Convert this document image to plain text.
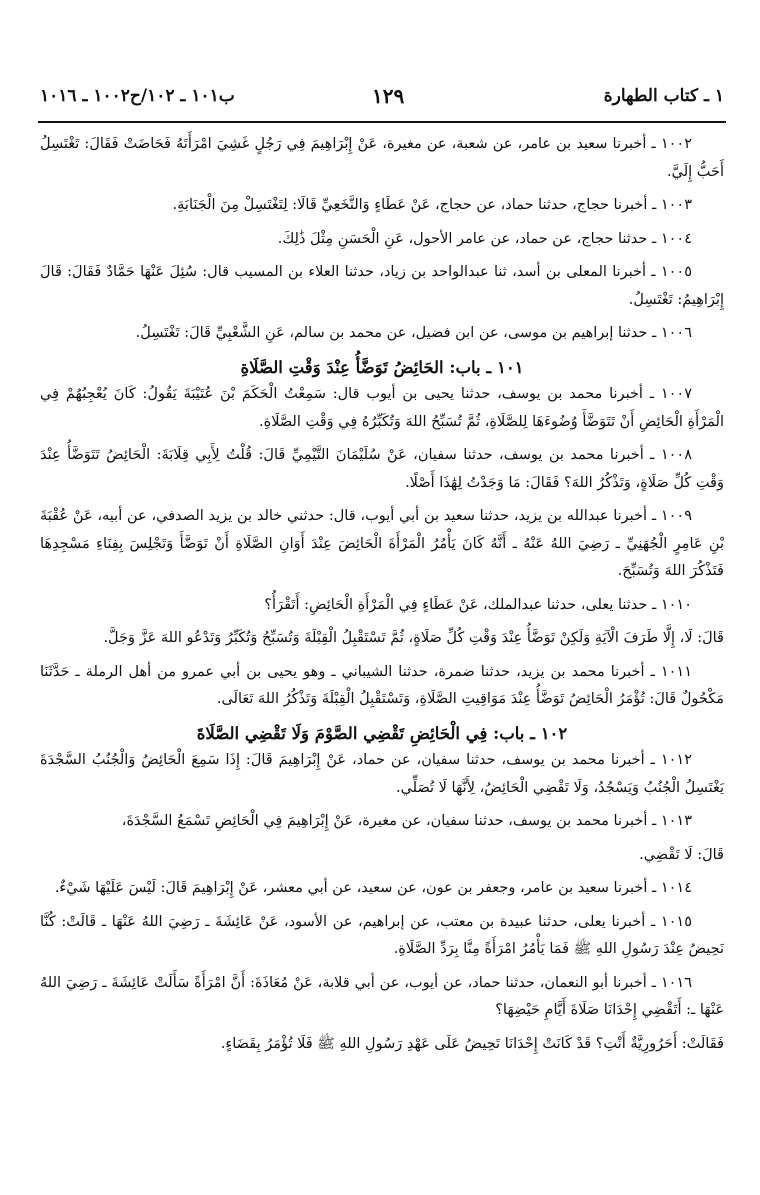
١ ـ كتاب الطهارة
١٢٩
ب١٠١ ـ ١٠٢/ح١٠٠٢ ـ ١٠١٦

١٠٠٢ ـ أخبرنا سعيد بن عامر، عن شعبة، عن مغيرة، عَنْ إِبْرَاهِيمَ فِي رَجُلٍ غَشِيَ امْرَأَتَهُ فَحَاضَتْ فَقَالَ: تَغْتَسِلُ أَحَبُّ إِلَيَّ.

١٠٠٣ ـ أخبرنا حجاج، حدثنا حماد، عن حجاج، عَنْ عَطَاءٍ وَالنَّخَعِيِّ قَالَا: لِتَغْتَسِلْ مِنَ الْجَنَابَةِ.

١٠٠٤ ـ حدثنا حجاج، عن حماد، عن عامر الأحول، عَنِ الْحَسَنِ مِثْلَ ذَٰلِكَ.

١٠٠٥ ـ أخبرنا المعلى بن أسد، ثنا عبدالواحد بن زياد، حدثنا العلاء بن المسيب قال: سُئِلَ عَنْهَا حَمَّادٌ فَقَالَ: قَالَ إِبْرَاهِيمُ: تَغْتَسِلُ.

١٠٠٦ ـ حدثنا إبراهيم بن موسى، عن ابن فضيل، عن محمد بن سالم، عَنِ الشَّعْبِيِّ قَالَ: تَغْتَسِلُ.

١٠١ ـ باب: الحَائِضُ تَوَضَّأُ عِنْدَ وَقْتِ الصَّلَاةِ

١٠٠٧ ـ أخبرنا محمد بن يوسف، حدثنا يحيى بن أيوب قال: سَمِعْتُ الْحَكَمَ بْنَ عُتَيْبَةَ يَقُولُ: كَانَ يُعْجِبُهُمْ فِي الْمَرْأَةِ الْحَائِضِ أَنْ تَتَوَضَّأَ وُضُوءَهَا لِلصَّلَاةِ، ثُمَّ تُسَبِّحُ اللهَ وَتُكَبِّرُهُ فِي وَقْتِ الصَّلَاةِ.

١٠٠٨ ـ أخبرنا محمد بن يوسف، حدثنا سفيان، عَنْ سُلَيْمَانَ التَّيْمِيِّ قَالَ: قُلْتُ لِأَبِي قِلَابَةَ: الْحَائِضُ تَتَوَضَّأُ عِنْدَ وَقْتِ كُلِّ صَلَاةٍ، وَتَذْكُرُ اللهَ؟ فَقَالَ: مَا وَجَدْتُ لِهَٰذَا أَصْلًا.

١٠٠٩ ـ أخبرنا عبدالله بن يزيد، حدثنا سعيد بن أبي أيوب، قال: حدثني خالد بن يزيد الصدفي، عن أبيه، عَنْ عُقْبَةَ بْنِ عَامِرٍ الْجُهَنِيِّ ـ رَضِيَ اللهُ عَنْهُ ـ أَنَّهُ كَانَ يَأْمُرُ الْمَرْأَةَ الْحَائِضَ عِنْدَ أَوَانِ الصَّلَاةِ أَنْ تَوَضَّأَ وَتَجْلِسَ بِفِنَاءِ مَسْجِدِهَا فَتَذْكُرَ اللهَ وَتُسَبِّحَ.

١٠١٠ ـ حدثنا يعلى، حدثنا عبدالملك، عَنْ عَطَاءٍ فِي الْمَرْأَةِ الْحَائِضِ: أَتَقْرَأُ؟

قَالَ: لَا، إِلَّا طَرَفَ الْآيَةِ وَلَكِنْ تَوَضَّأُ عِنْدَ وَقْتِ كُلِّ صَلَاةٍ، ثُمَّ تَسْتَقْبِلُ الْقِبْلَةَ وَتُسَبِّحُ وَتُكَبِّرُ وَتَدْعُو اللهَ عَزَّ وَجَلَّ.

١٠١١ ـ أخبرنا محمد بن يزيد، حدثنا ضمرة، حدثنا الشيباني ـ وهو يحيى بن أبي عمرو من أهل الرملة ـ حَدَّثَنَا مَكْحُولٌ قَالَ: تُؤْمَرُ الْحَائِضُ تَوَضَّأُ عِنْدَ مَوَاقِيتِ الصَّلَاةِ، وَتَسْتَقْبِلُ الْقِبْلَةَ وَتَذْكُرُ اللهَ تَعَالَى.

١٠٢ ـ باب: فِي الْحَائِضِ تَقْضِي الصَّوْمَ وَلَا تَقْضِي الصَّلَاةَ

١٠١٢ ـ أخبرنا محمد بن يوسف، حدثنا سفيان، عن حماد، عَنْ إِبْرَاهِيمَ قَالَ: إِذَا سَمِعَ الْحَائِضُ وَالْجُنُبُ السَّجْدَةَ يَغْتَسِلُ الْجُنُبُ وَيَسْجُدُ، وَلَا تَقْضِي الْحَائِضُ، لِأَنَّهَا لَا تُصَلِّي.

١٠١٣ ـ أخبرنا محمد بن يوسف، حدثنا سفيان، عن مغيرة، عَنْ إِبْرَاهِيمَ فِي الْحَائِضِ تَسْمَعُ السَّجْدَةَ،

قَالَ: لَا تَقْضِي.

١٠١٤ ـ أخبرنا سعيد بن عامر، وجعفر بن عون، عن سعيد، عن أبي معشر، عَنْ إِبْرَاهِيمَ قَالَ: لَيْسَ عَلَيْهَا شَيْءٌ.

١٠١٥ ـ أخبرنا يعلى، حدثنا عبيدة بن معتب، عن إبراهيم، عن الأسود، عَنْ عَائِشَةَ ـ رَضِيَ اللهُ عَنْهَا ـ قَالَتْ: كُنَّا نَحِيضُ عِنْدَ رَسُولِ اللهِ ﷺ فَمَا يَأْمُرُ امْرَأَةً مِنَّا بِرَدِّ الصَّلَاةِ.

١٠١٦ ـ أخبرنا أبو النعمان، حدثنا حماد، عن أيوب، عن أبي قلابة، عَنْ مُعَاذَةَ: أَنَّ امْرَأَةً سَأَلَتْ عَائِشَةَ ـ رَضِيَ اللهُ عَنْهَا ـ: أَتَقْضِي إِحْدَانَا صَلَاةَ أَيَّامِ حَيْضِهَا؟

فَقَالَتْ: أَحَرُورِيَّةٌ أَنْتِ؟ قَدْ كَانَتْ إِحْدَانَا تَحِيضُ عَلَى عَهْدِ رَسُولِ اللهِ ﷺ فَلَا تُؤْمَرُ بِقَضَاءٍ.
